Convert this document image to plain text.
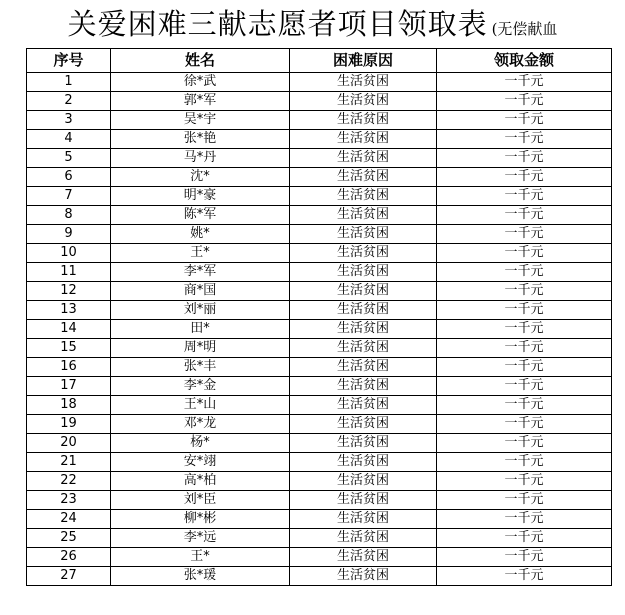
关爱困难三献志愿者项目领取表 (无偿献血
序号	姓名	困难原因	领取金额
1	徐*武	生活贫困	一千元
2	郭*军	生活贫困	一千元
3	吴*宇	生活贫困	一千元
4	张*艳	生活贫困	一千元
5	马*丹	生活贫困	一千元
6	沈*	生活贫困	一千元
7	明*豪	生活贫困	一千元
8	陈*军	生活贫困	一千元
9	姚*	生活贫困	一千元
10	王*	生活贫困	一千元
11	李*军	生活贫困	一千元
12	商*国	生活贫困	一千元
13	刘*丽	生活贫困	一千元
14	田*	生活贫困	一千元
15	周*明	生活贫困	一千元
16	张*丰	生活贫困	一千元
17	李*金	生活贫困	一千元
18	王*山	生活贫困	一千元
19	邓*龙	生活贫困	一千元
20	杨*	生活贫困	一千元
21	安*翊	生活贫困	一千元
22	高*柏	生活贫困	一千元
23	刘*臣	生活贫困	一千元
24	柳*彬	生活贫困	一千元
25	李*远	生活贫困	一千元
26	王*	生活贫困	一千元
27	张*瑗	生活贫困	一千元
